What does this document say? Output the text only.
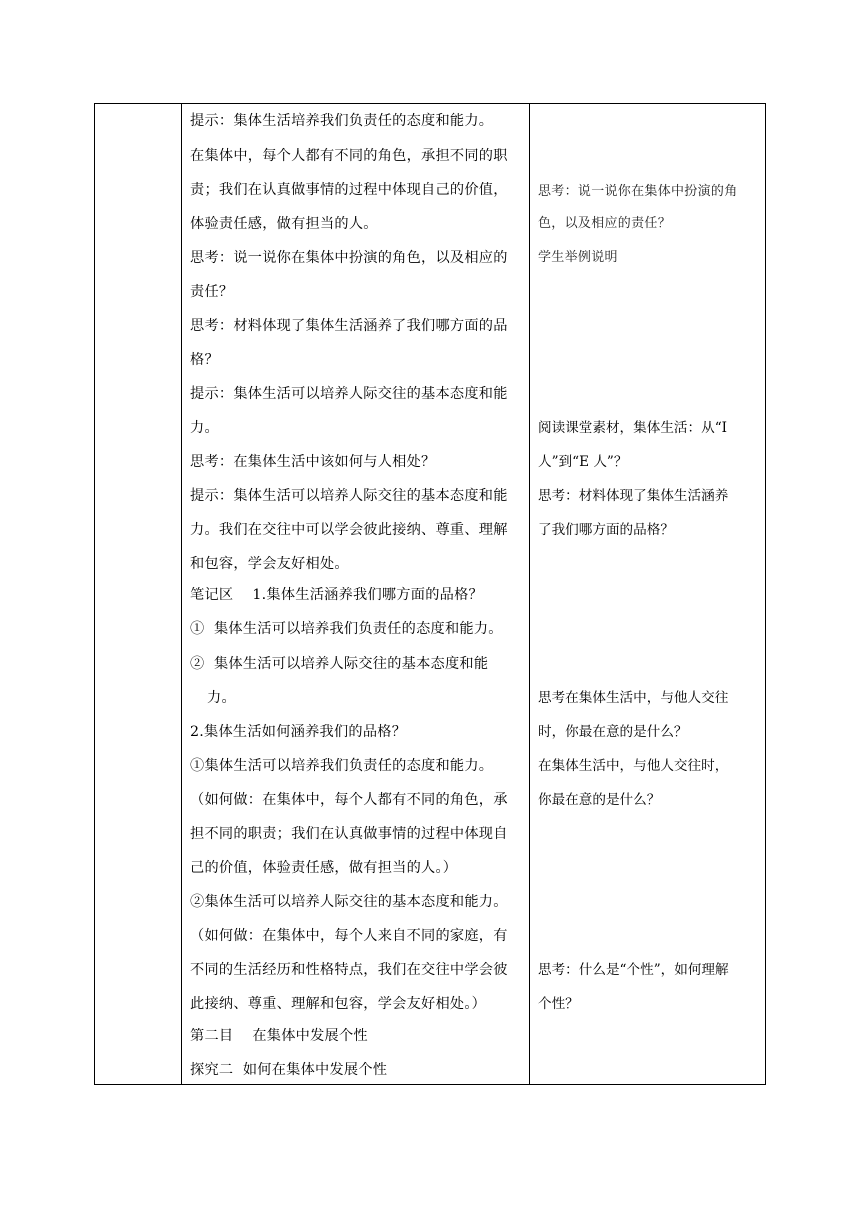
提示：集体生活培养我们负责任的态度和能力。
在集体中，每个人都有不同的角色，承担不同的职
责；我们在认真做事情的过程中体现自己的价值，
体验责任感，做有担当的人。
思考：说一说你在集体中扮演的角色，以及相应的
责任？
思考：材料体现了集体生活涵养了我们哪方面的品
格？
提示：集体生活可以培养人际交往的基本态度和能
力。
思考：在集体生活中该如何与人相处？
提示：集体生活可以培养人际交往的基本态度和能
力。我们在交往中可以学会彼此接纳、尊重、理解
和包容，学会友好相处。
笔记区    1.集体生活涵养我们哪方面的品格？
①  集体生活可以培养我们负责任的态度和能力。
②  集体生活可以培养人际交往的基本态度和能
力。
2.集体生活如何涵养我们的品格？
①集体生活可以培养我们负责任的态度和能力。
（如何做：在集体中，每个人都有不同的角色，承
担不同的职责；我们在认真做事情的过程中体现自
己的价值，体验责任感，做有担当的人。）
②集体生活可以培养人际交往的基本态度和能力。
（如何做：在集体中，每个人来自不同的家庭，有
不同的生活经历和性格特点，我们在交往中学会彼
此接纳、尊重、理解和包容，学会友好相处。）
第二目    在集体中发展个性
探究二  如何在集体中发展个性
思考：说一说你在集体中扮演的角
色，以及相应的责任？
学生举例说明
阅读课堂素材，集体生活：从“I
人”到“E 人”？
思考：材料体现了集体生活涵养
了我们哪方面的品格？
思考在集体生活中，与他人交往
时，你最在意的是什么？
在集体生活中，与他人交往时，
你最在意的是什么？
思考：什么是“个性”，如何理解
个性？
